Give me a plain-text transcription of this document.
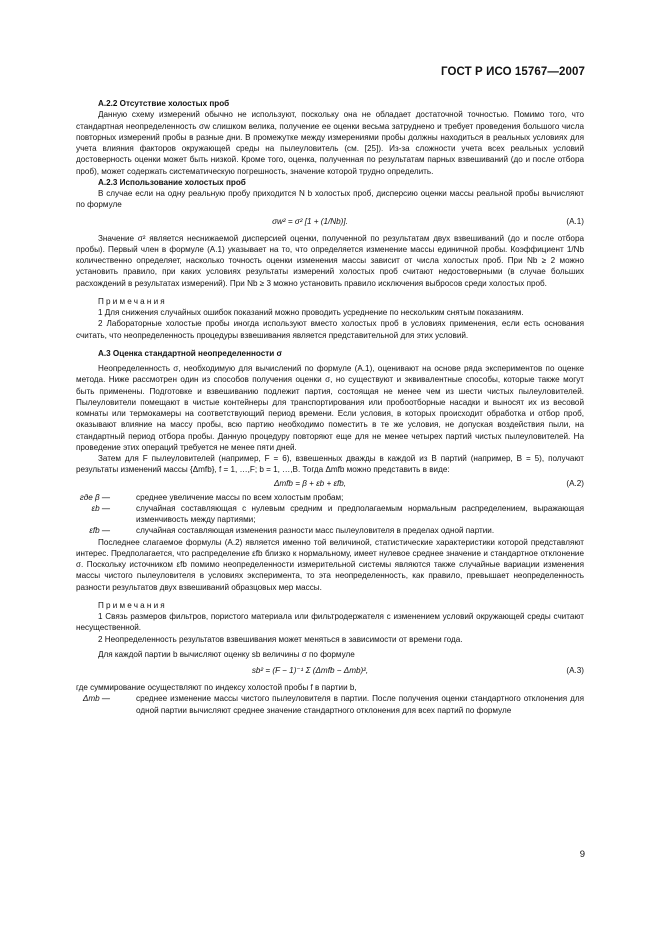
ГОСТ Р ИСО 15767—2007

A.2.2 Отсутствие холостых проб

Данную схему измерений обычно не используют, поскольку она не обладает достаточной точностью. Помимо того, что стандартная неопределенность σw слишком велика, получение ее оценки весьма затруднено и требует проведения большого числа повторных измерений пробы в разные дни. В промежутке между измерениями пробы должны находиться в реальных условиях для учета влияния факторов окружающей среды на пылеуловитель (см. [25]). Из-за сложности учета всех реальных условий достоверность оценки может быть низкой. Кроме того, оценка, полученная по результатам парных взвешиваний (до и после отбора проб), может содержать систематическую погрешность, значение которой трудно определить.

A.2.3 Использование холостых проб

В случае если на одну реальную пробу приходится N b холостых проб, дисперсию оценки массы реальной пробы вычисляют по формуле

σw² = σ² [1 + (1/Nb)].	(A.1)

Значение σ² является неснижаемой дисперсией оценки, полученной по результатам двух взвешиваний (до и после отбора пробы). Первый член в формуле (A.1) указывает на то, что определяется изменение массы единичной пробы. Коэффициент 1/Nb количественно определяет, насколько точность оценки изменения массы зависит от числа холостых проб. При Nb ≥ 2 можно установить правило, при каких условиях результаты измерений холостых проб считают недостоверными (в случае больших расхождений в результатах измерений). При Nb ≥ 3 можно установить правило исключения выбросов среди холостых проб.

Примечания

1 Для снижения случайных ошибок показаний можно проводить усреднение по нескольким снятым показаниям.

2 Лабораторные холостые пробы иногда используют вместо холостых проб в условиях применения, если есть основания считать, что неопределенность процедуры взвешивания является представительной для этих условий.

A.3 Оценка стандартной неопределенности σ

Неопределенность σ, необходимую для вычислений по формуле (A.1), оценивают на основе ряда экспериментов по оценке метода. Ниже рассмотрен один из способов получения оценки σ, но существуют и эквивалентные способы, которые также могут быть применены. Подготовке и взвешиванию подлежит партия, состоящая не менее чем из шести чистых пылеуловителей. Пылеуловители помещают в чистые контейнеры для транспортирования или пробоотборные насадки и выносят их из весовой комнаты или термокамеры на соответствующий период времени. Если условия, в которых происходит обработка и отбор проб, оказывают влияние на массу пробы, всю партию необходимо поместить в те же условия, не допуская воздействия пыли, на стандартный период отбора пробы. Данную процедуру повторяют еще для не менее четырех партий чистых пылеуловителей. На проведение этих операций требуется не менее пяти дней.

Затем для F пылеуловителей (например, F = 6), взвешенных дважды в каждой из B партий (например, B = 5), получают результаты изменений массы {Δmfb}, f = 1, …,F; b = 1, …,B. Тогда Δmfb можно представить в виде:

Δmfb = β + εb + εfb,	(A.2)
где β —	среднее увеличение массы по всем холостым пробам;
εb —	случайная составляющая с нулевым средним и предполагаемым нормальным распределением, выражающая изменчивость между партиями;
εfb —	случайная составляющая изменения разности масс пылеуловителя в пределах одной партии.

Последнее слагаемое формулы (A.2) является именно той величиной, статистические характеристики которой представляют интерес. Предполагается, что распределение εfb близко к нормальному, имеет нулевое среднее значение и стандартное отклонение σ. Поскольку источником εfb помимо неопределенности измерительной системы являются также случайные вариации изменения массы чистого пылеуловителя в условиях эксперимента, то эта неопределенность, как правило, превышает неопределенность разности результатов двух взвешиваний образцовых мер массы.

Примечания

1 Связь размеров фильтров, пористого материала или фильтродержателя с изменением условий окружающей среды считают несущественной.

2 Неопределенность результатов взвешивания может меняться в зависимости от времени года.

Для каждой партии b вычисляют оценку sb величины σ по формуле

sb² = (F − 1)⁻¹ Σ (Δmfb − Δmb)²,	(A.3)

где суммирование осуществляют по индексу холостой пробы f в партии b,

Δmb —	среднее изменение массы чистого пылеуловителя в партии. После получения оценки стандартного отклонения для одной партии вычисляют среднее значение стандартного отклонения для всех партий по формуле
9
